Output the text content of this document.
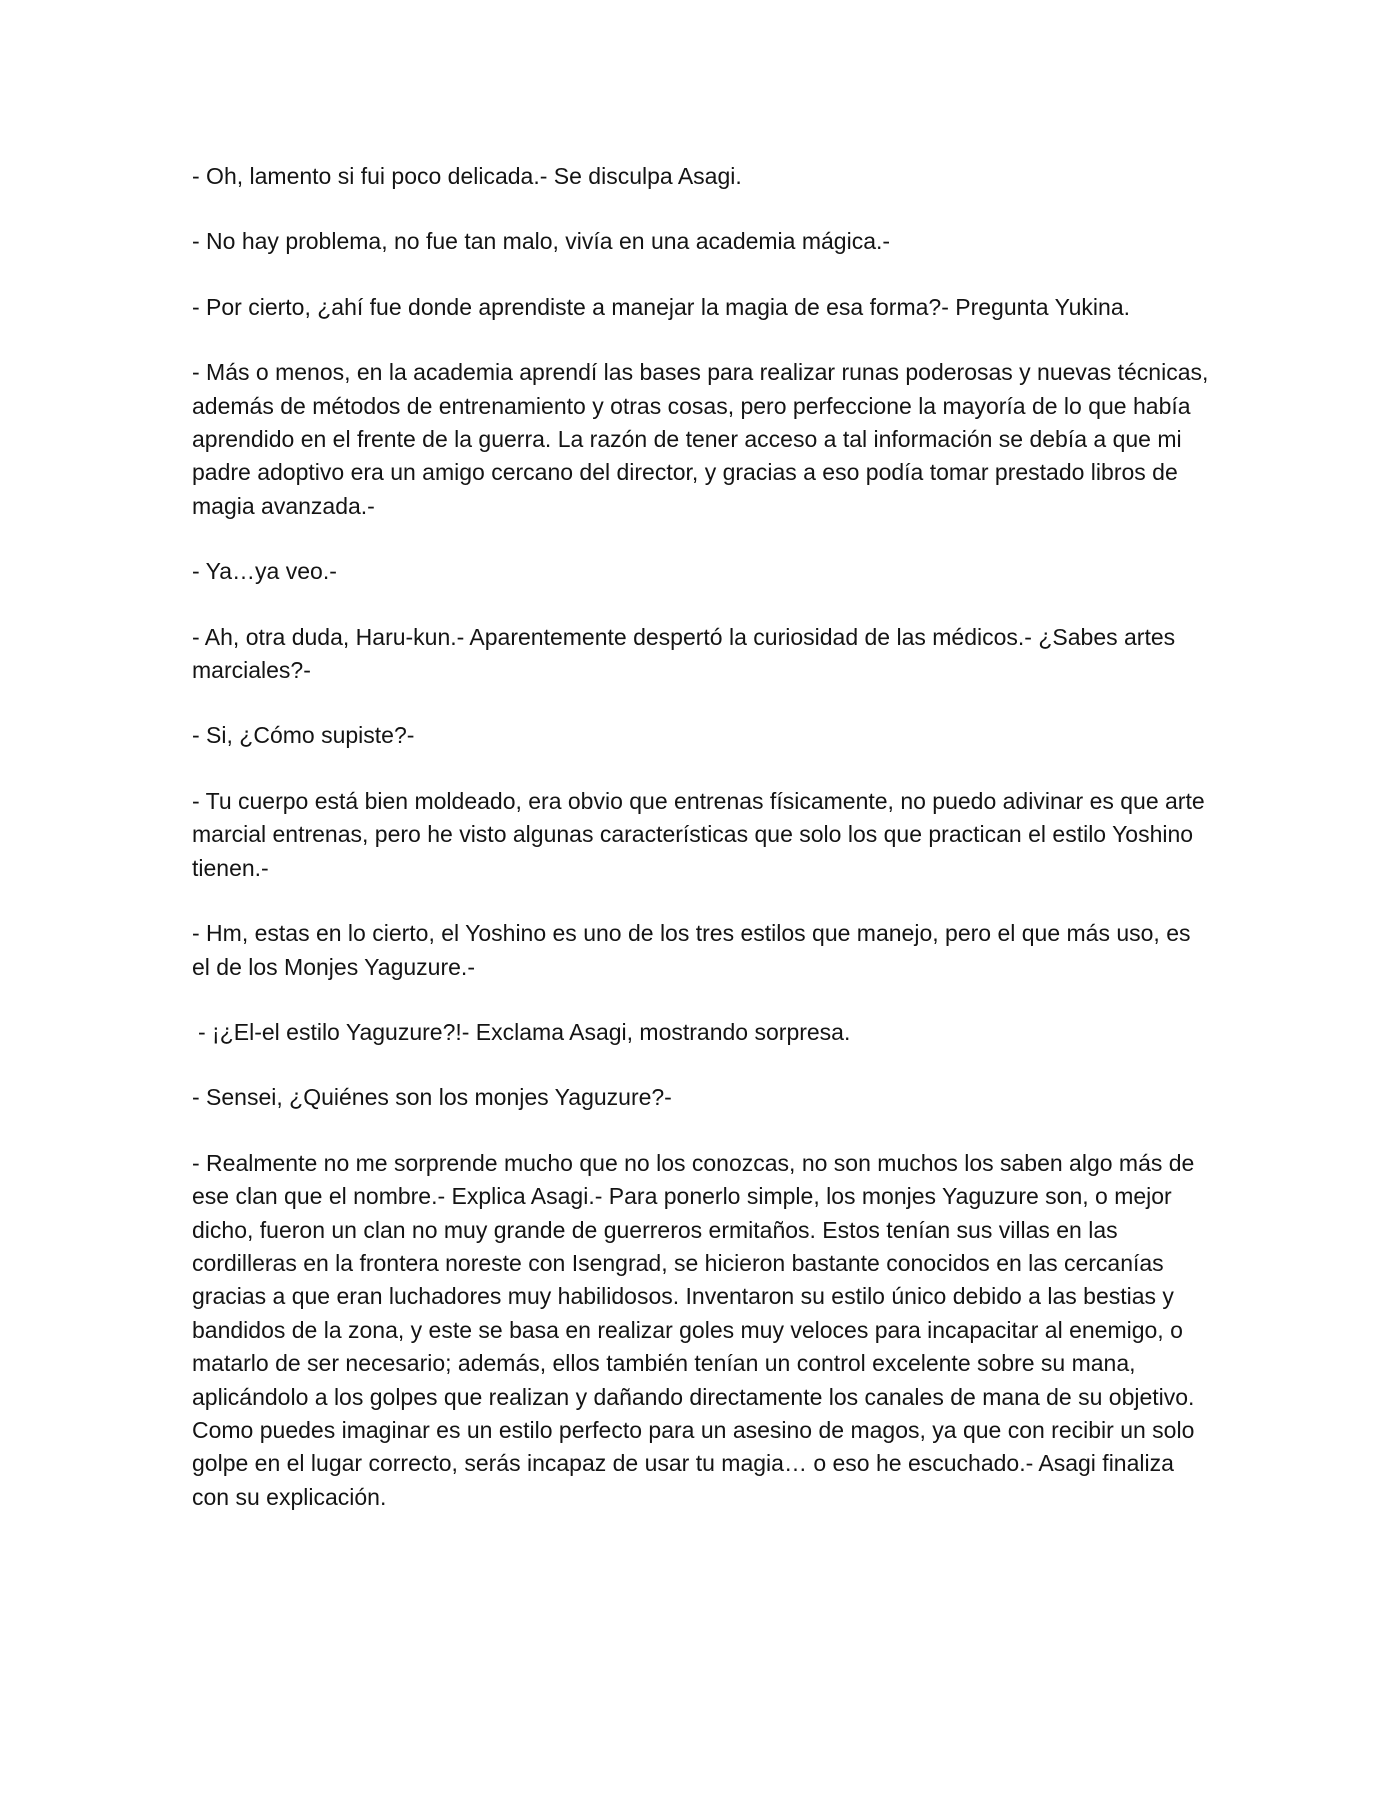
- Oh, lamento si fui poco delicada.- Se disculpa Asagi.

- No hay problema, no fue tan malo, vivía en una academia mágica.-

- Por cierto, ¿ahí fue donde aprendiste a manejar la magia de esa forma?- Pregunta Yukina.

- Más o menos, en la academia aprendí las bases para realizar runas poderosas y nuevas técnicas, además de métodos de entrenamiento y otras cosas, pero perfeccione la mayoría de lo que había aprendido en el frente de la guerra. La razón de tener acceso a tal información se debía a que mi padre adoptivo era un amigo cercano del director, y gracias a eso podía tomar prestado libros de magia avanzada.-

- Ya…ya veo.-

- Ah, otra duda, Haru-kun.- Aparentemente despertó la curiosidad de las médicos.- ¿Sabes artes marciales?-

- Si, ¿Cómo supiste?-

- Tu cuerpo está bien moldeado, era obvio que entrenas físicamente, no puedo adivinar es que arte marcial entrenas, pero he visto algunas características que solo los que practican el estilo Yoshino tienen.-

- Hm, estas en lo cierto, el Yoshino es uno de los tres estilos que manejo, pero el que más uso, es el de los Monjes Yaguzure.-

- ¡¿El-el estilo Yaguzure?!- Exclama Asagi, mostrando sorpresa.

- Sensei, ¿Quiénes son los monjes Yaguzure?-

- Realmente no me sorprende mucho que no los conozcas, no son muchos los saben algo más de ese clan que el nombre.- Explica Asagi.- Para ponerlo simple, los monjes Yaguzure son, o mejor dicho, fueron un clan no muy grande de guerreros ermitaños. Estos tenían sus villas en las cordilleras en la frontera noreste con Isengrad, se hicieron bastante conocidos en las cercanías gracias a que eran luchadores muy habilidosos. Inventaron su estilo único debido a las bestias y bandidos de la zona, y este se basa en realizar goles muy veloces para incapacitar al enemigo, o matarlo de ser necesario; además, ellos también tenían un control excelente sobre su mana, aplicándolo a los golpes que realizan y dañando directamente los canales de mana de su objetivo. Como puedes imaginar es un estilo perfecto para un asesino de magos, ya que con recibir un solo golpe en el lugar correcto, serás incapaz de usar tu magia… o eso he escuchado.- Asagi finaliza con su explicación.
